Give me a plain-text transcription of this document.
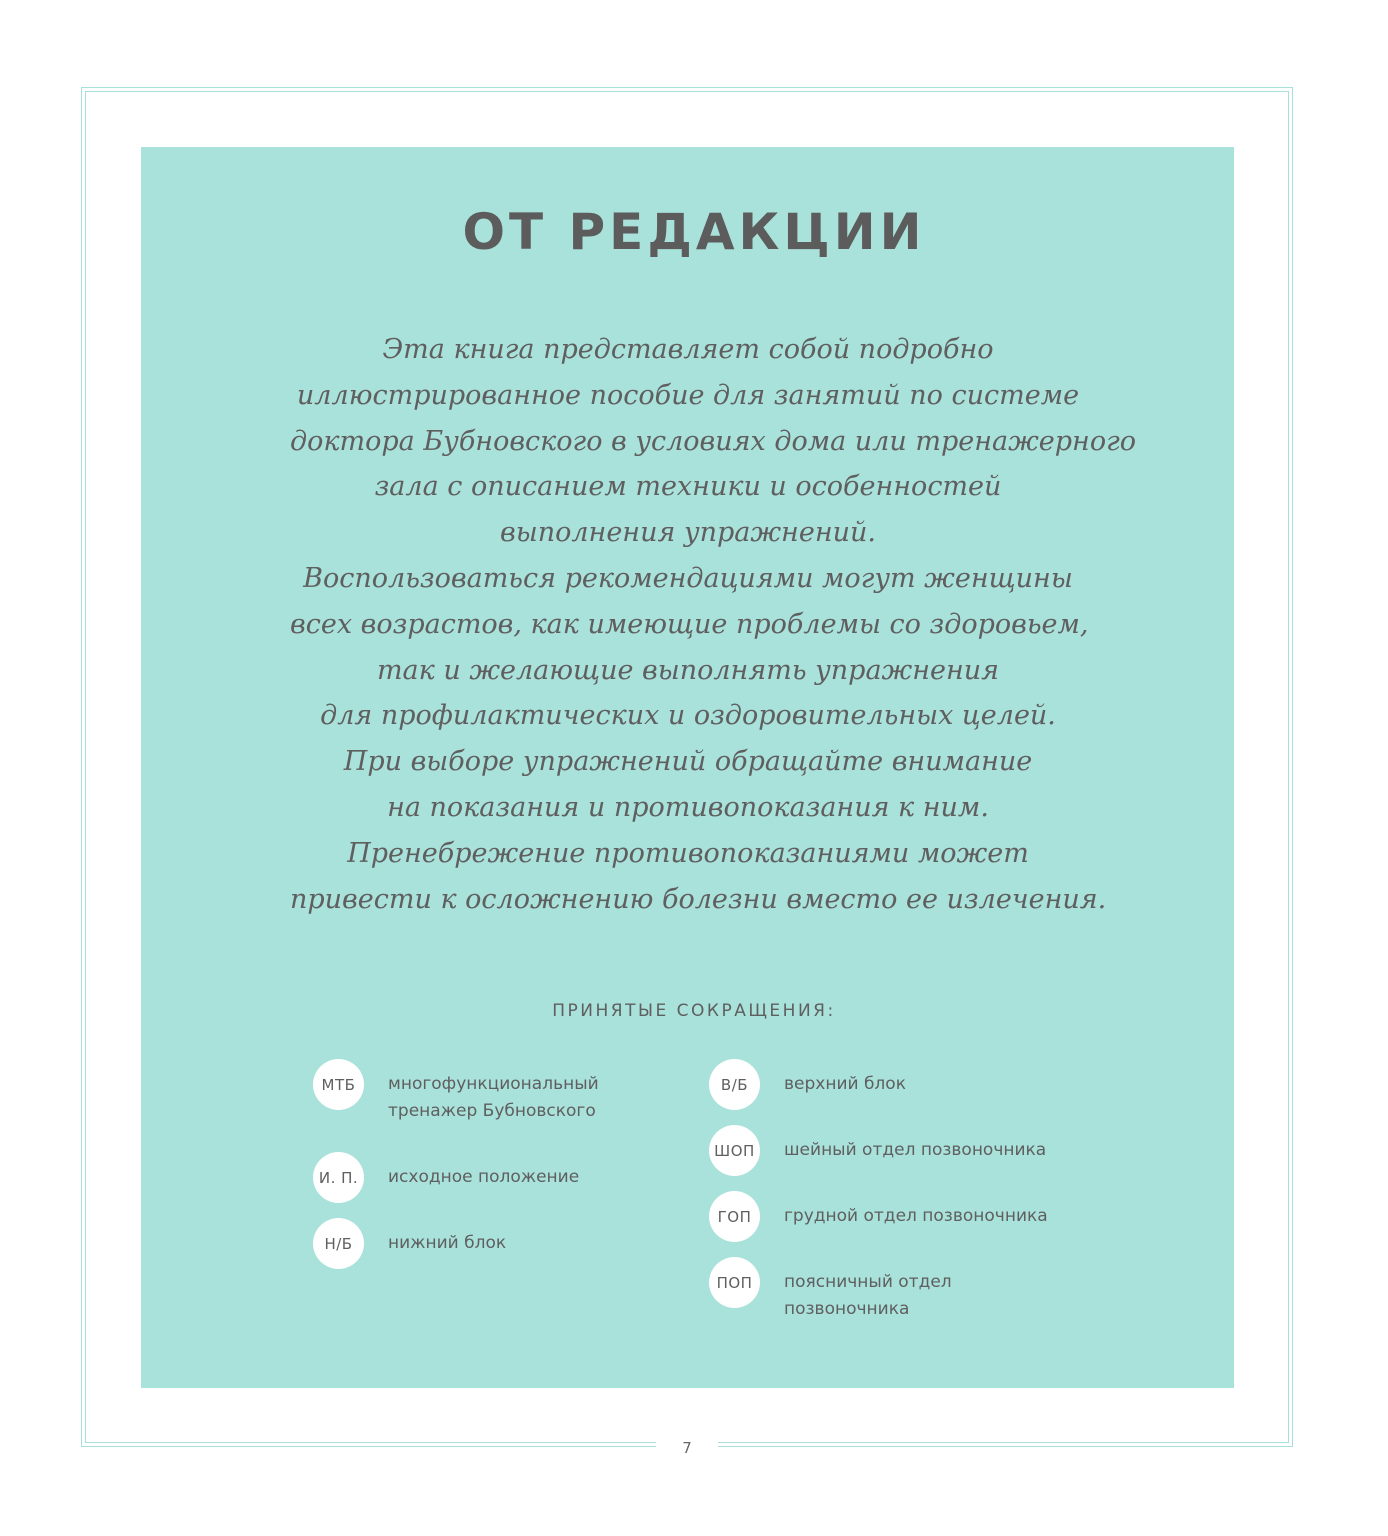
7
ОТ РЕДАКЦИИ

Эта книга представляет собой подробно
иллюстрированное пособие для занятий по системе
доктора Бубновского в условиях дома или тренажерного
зала с описанием техники и особенностей
выполнения упражнений.
Воспользоваться рекомендациями могут женщины
всех возрастов, как имеющие проблемы со здоровьем,
так и желающие выполнять упражнения
для профилактических и оздоровительных целей.
При выборе упражнений обращайте внимание
на показания и противопоказания к ним.
Пренебрежение противопоказаниями может
привести к осложнению болезни вместо ее излечения.

ПРИНЯТЫЕ СОКРАЩЕНИЯ:
МТБ	многофункциональный
тренажер Бубновского
И. П.	исходное положение
Н/Б	нижний блок
В/Б	верхний блок
ШОП	шейный отдел позвоночника
ГОП	грудной отдел позвоночника
ПОП	поясничный отдел
позвоночника
